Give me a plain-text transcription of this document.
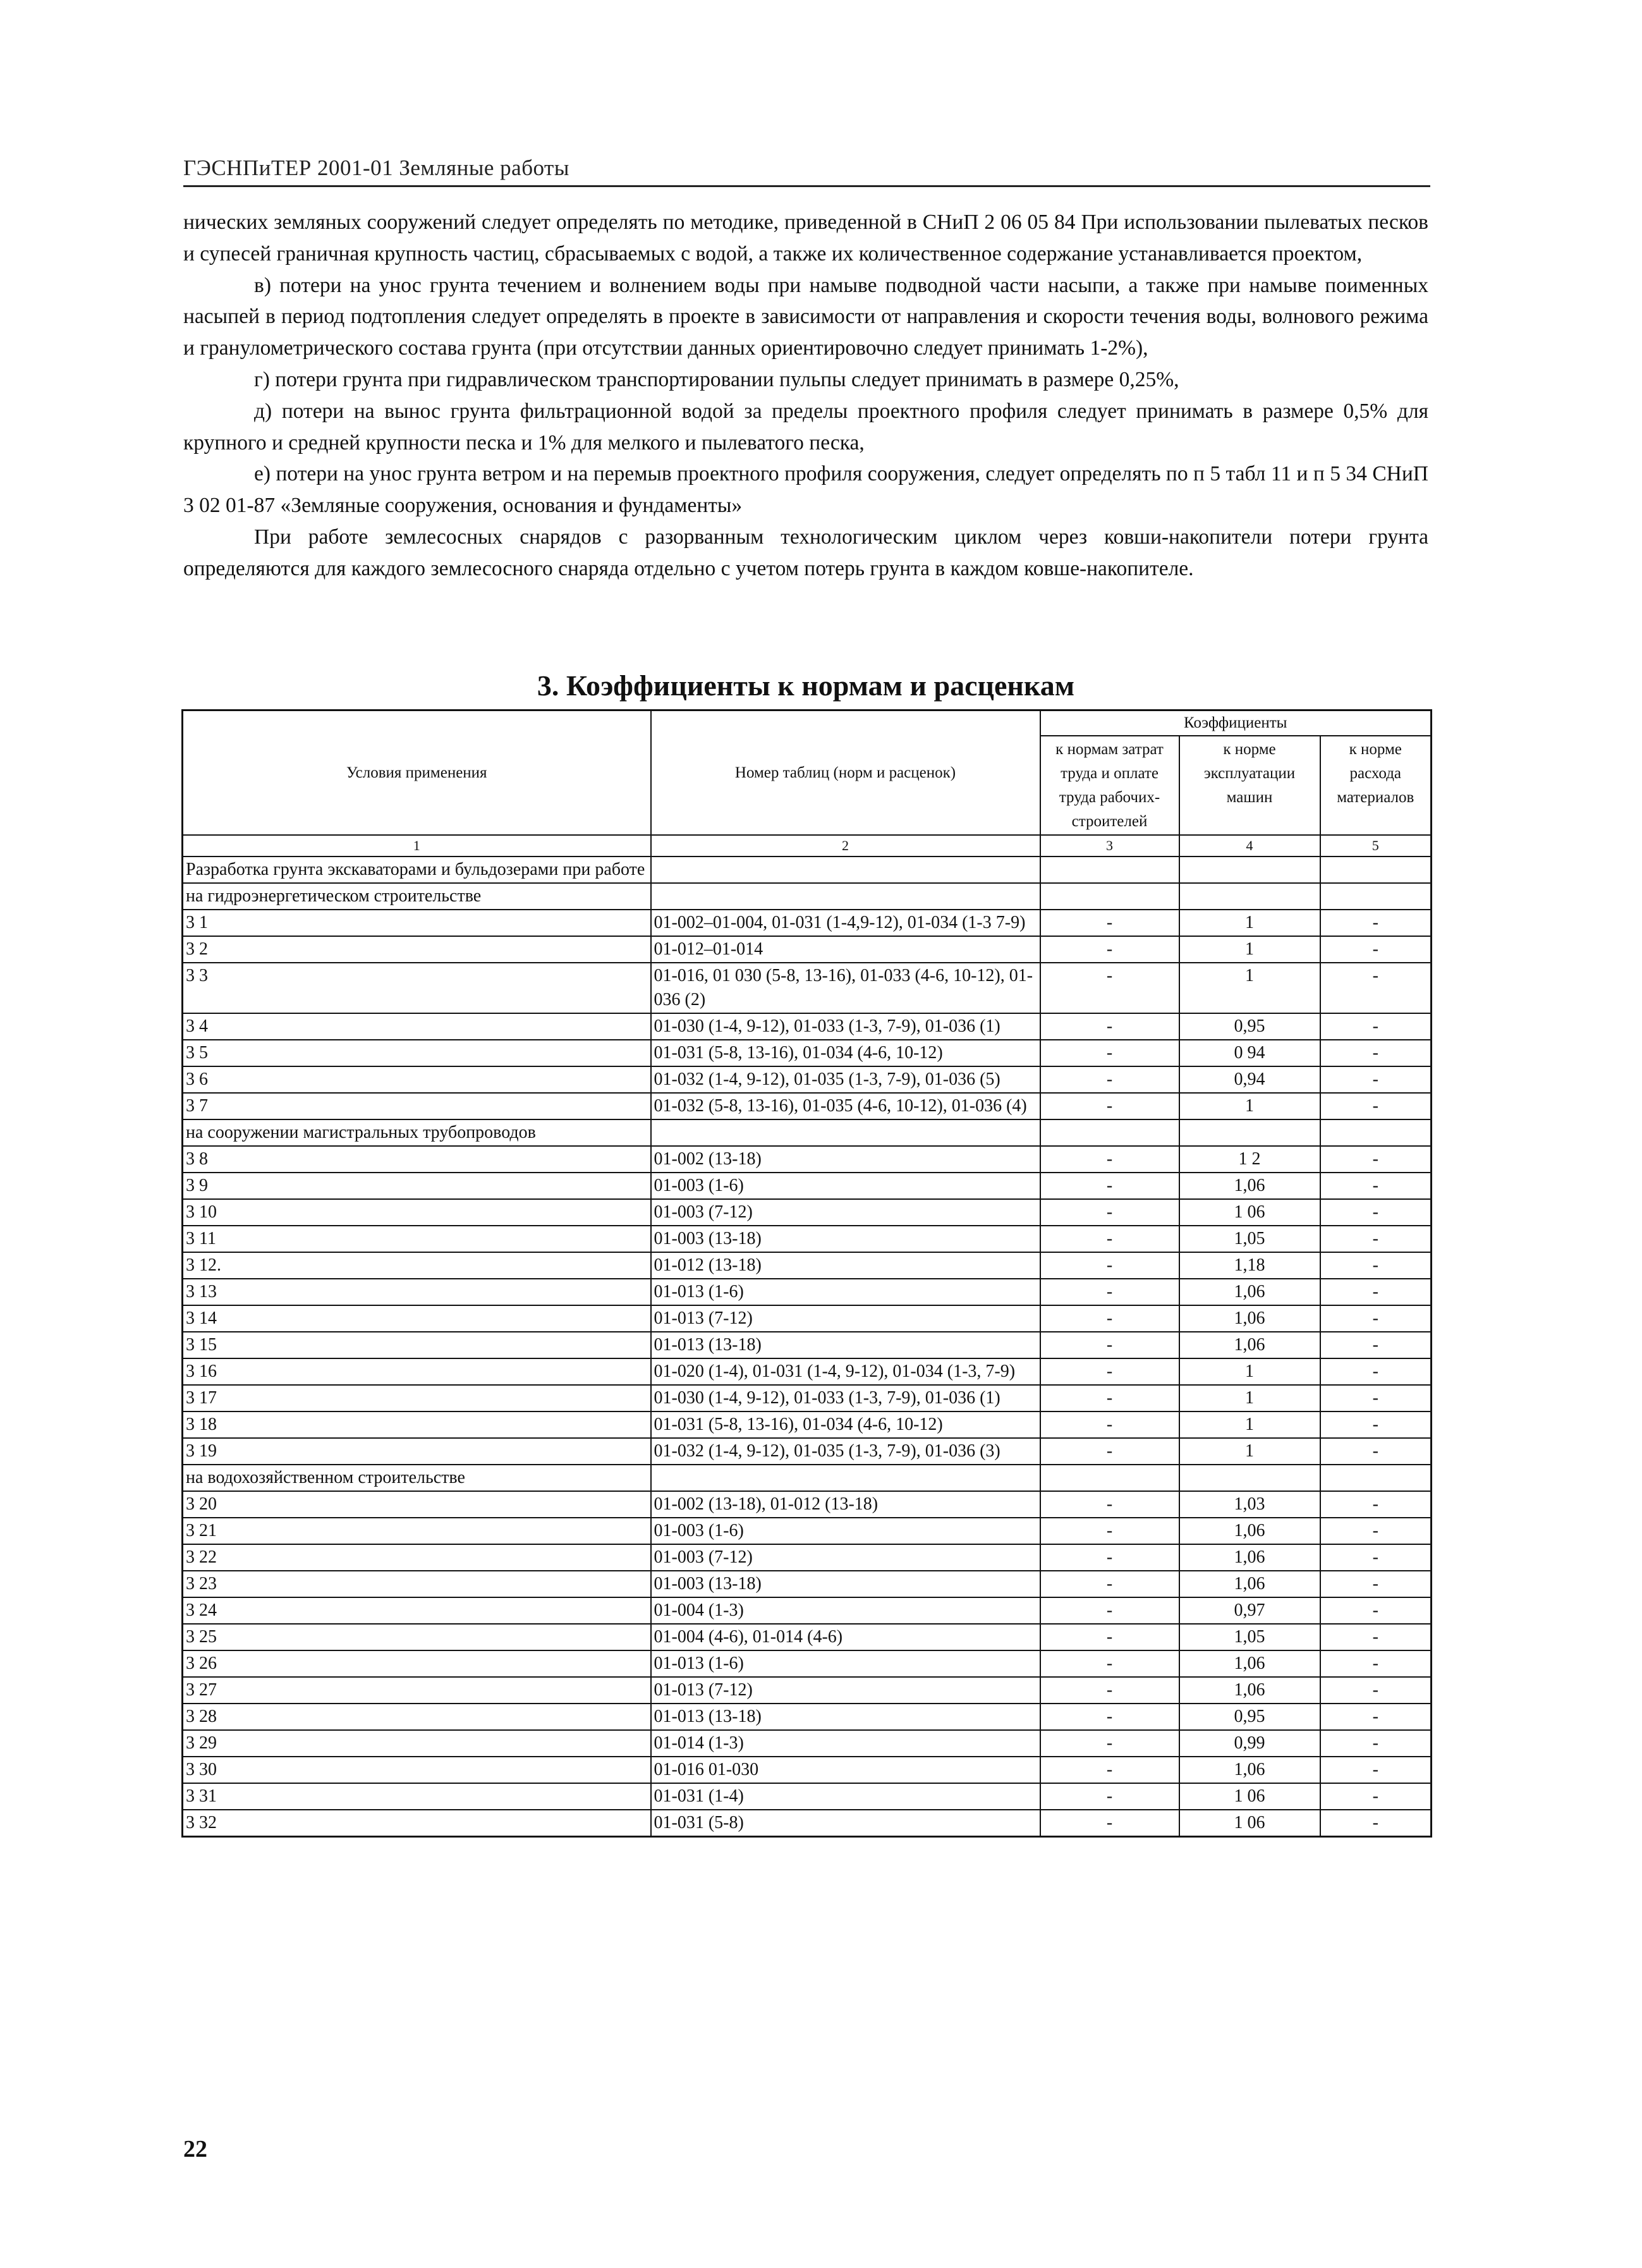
ГЭСНПиТЕР 2001-01 Земляные работы

нических земляных сооружений следует определять по методике, приведенной в СНиП 2 06 05 84 При использовании пылеватых песков и супесей граничная крупность частиц, сбрасываемых с водой, а также их количественное содержание устанавливается проектом,

в) потери на унос грунта течением и волнением воды при намыве подводной части насыпи, а также при намыве поименных насыпей в период подтопления следует определять в проекте в зависимости от направления и скорости течения воды, волнового режима и гранулометрического состава грунта (при отсутствии данных ориентировочно следует принимать 1-2%),

г) потери грунта при гидравлическом транспортировании пульпы следует принимать в размере 0,25%,

д) потери на вынос грунта фильтрационной водой за пределы проектного профиля следует принимать в размере 0,5% для крупного и средней крупности песка и 1% для мелкого и пылеватого песка,

е) потери на унос грунта ветром и на перемыв проектного профиля сооружения, следует определять по п 5 табл 11 и п 5 34 СНиП 3 02 01-87 «Земляные сооружения, основания и фундаменты»

При работе землесосных снарядов с разорванным технологическим циклом через ковши-накопители потери грунта определяются для каждого землесосного снаряда отдельно с учетом потерь грунта в каждом ковше-накопителе.

3. Коэффициенты к нормам и расценкам
Условия применения	Номер таблиц (норм и расценок)	Коэффициенты		
		к нормам затрат труда и оплате труда рабочих-строителей	к норме эксплуатации машин	к норме расхода материалов
1	2	3	4	5
Разработка грунта экскаваторами и бульдозерами при работе				
на гидроэнергетическом строительстве				
3 1	01-002–01-004, 01-031 (1-4,9-12), 01-034 (1-3 7-9)	-	1	-
3 2	01-012–01-014	-	1	-
3 3	01-016, 01 030 (5-8, 13-16), 01-033 (4-6, 10-12), 01-036 (2)	-	1	-
3 4	01-030 (1-4, 9-12), 01-033 (1-3, 7-9), 01-036 (1)	-	0,95	-
3 5	01-031 (5-8, 13-16), 01-034 (4-6, 10-12)	-	0 94	-
3 6	01-032 (1-4, 9-12), 01-035 (1-3, 7-9), 01-036 (5)	-	0,94	-
3 7	01-032 (5-8, 13-16), 01-035 (4-6, 10-12), 01-036 (4)	-	1	-
на сооружении магистральных трубопроводов				
3 8	01-002 (13-18)	-	1 2	-
3 9	01-003 (1-6)	-	1,06	-
3 10	01-003 (7-12)	-	1 06	-
3 11	01-003 (13-18)	-	1,05	-
3 12.	01-012 (13-18)	-	1,18	-
3 13	01-013 (1-6)	-	1,06	-
3 14	01-013 (7-12)	-	1,06	-
3 15	01-013 (13-18)	-	1,06	-
3 16	01-020 (1-4), 01-031 (1-4, 9-12), 01-034 (1-3, 7-9)	-	1	-
3 17	01-030 (1-4, 9-12), 01-033 (1-3, 7-9), 01-036 (1)	-	1	-
3 18	01-031 (5-8, 13-16), 01-034 (4-6, 10-12)	-	1	-
3 19	01-032 (1-4, 9-12), 01-035 (1-3, 7-9), 01-036 (3)	-	1	-
на водохозяйственном строительстве				
3 20	01-002 (13-18), 01-012 (13-18)	-	1,03	-
3 21	01-003 (1-6)	-	1,06	-
3 22	01-003 (7-12)	-	1,06	-
3 23	01-003 (13-18)	-	1,06	-
3 24	01-004 (1-3)	-	0,97	-
3 25	01-004 (4-6), 01-014 (4-6)	-	1,05	-
3 26	01-013 (1-6)	-	1,06	-
3 27	01-013 (7-12)	-	1,06	-
3 28	01-013 (13-18)	-	0,95	-
3 29	01-014 (1-3)	-	0,99	-
3 30	01-016 01-030	-	1,06	-
3 31	01-031 (1-4)	-	1 06	-
3 32	01-031 (5-8)	-	1 06	-
22
